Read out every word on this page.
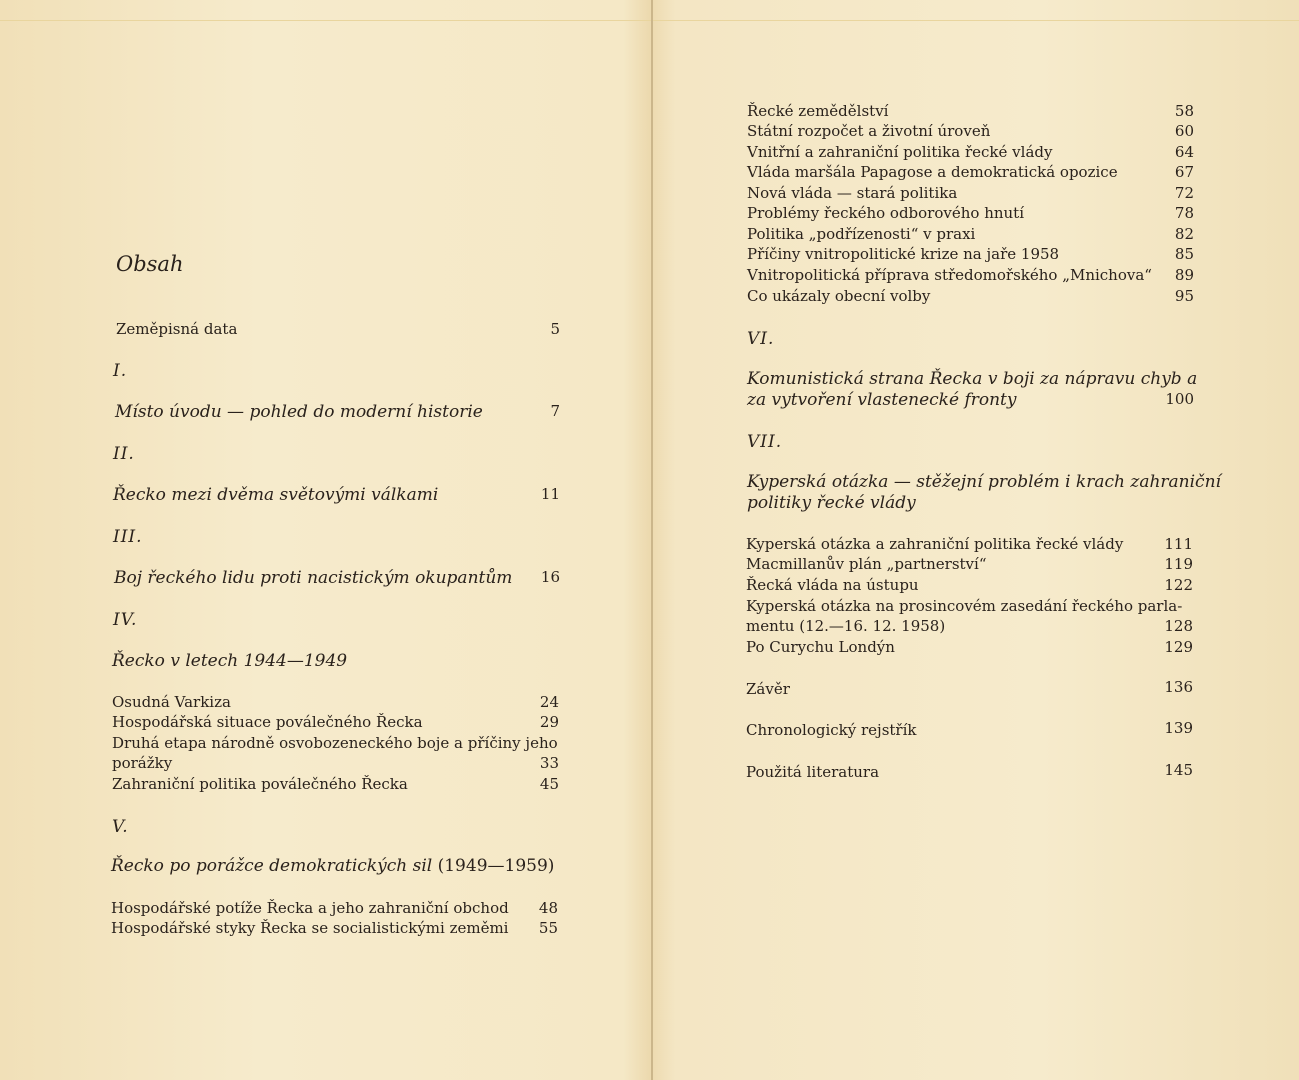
Obsah
Zeměpisná data	5
I.
Místo úvodu — pohled do moderní historie	7
II.
Řecko mezi dvěma světovými válkami	11
III.
Boj řeckého lidu proti nacistickým okupantům	16
IV.
Řecko v letech 1944—1949
Osudná Varkiza	24
Hospodářská situace poválečného Řecka	29
Druhá etapa národně osvobozeneckého boje a příčiny jeho
porážky	33
Zahraniční politika poválečného Řecka	45
V.
Řecko po porážce demokratických sil (1949—1959)
Hospodářské potíže Řecka a jeho zahraniční obchod	48
Hospodářské styky Řecka se socialistickými zeměmi	55
Řecké zemědělství	58
Státní rozpočet a životní úroveň	60
Vnitřní a zahraniční politika řecké vlády	64
Vláda maršála Papagose a demokratická opozice	67
Nová vláda — stará politika	72
Problémy řeckého odborového hnutí	78
Politika „podřízenosti“ v praxi	82
Příčiny vnitropolitické krize na jaře 1958	85
Vnitropolitická příprava středomořského „Mnichova“	89
Co ukázaly obecní volby	95
VI.
Komunistická strana Řecka v boji za nápravu chyb a
za vytvoření vlastenecké fronty	100
VII.
Kyperská otázka — stěžejní problém i krach zahraniční
politiky řecké vlády
Kyperská otázka a zahraniční politika řecké vlády	111
Macmillanův plán „partnerství“	119
Řecká vláda na ústupu	122
Kyperská otázka na prosincovém zasedání řeckého parla-
mentu (12.—16. 12. 1958)	128
Po Curychu Londýn	129
Závěr	136
Chronologický rejstřík	139
Použitá literatura	145
